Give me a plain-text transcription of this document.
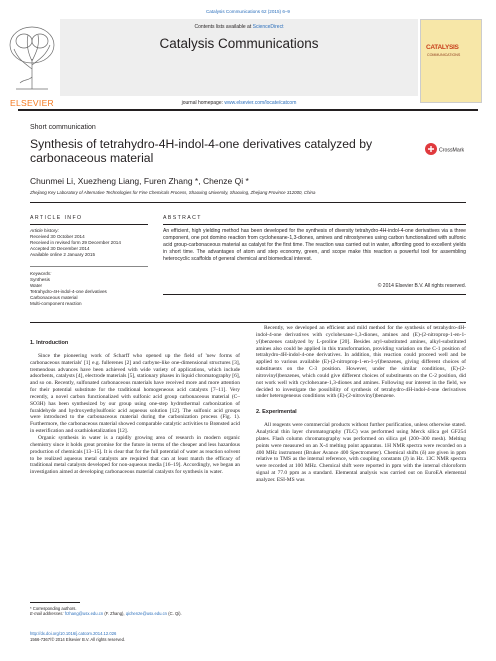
Catalysis Communications 62 (2015) 6–9
ELSEVIER
Contents lists available at ScienceDirect
Catalysis Communications
journal homepage: www.elsevier.com/locate/catcom
CATALYSIS
COMMUNICATIONS
Short communication
Synthesis of tetrahydro-4H-indol-4-one derivatives catalyzed by carbonaceous material
CrossMark
Chunmei Li, Xuezheng Liang, Furen Zhang *, Chenze Qi *
Zhejiang Key Laboratory of Alternative Technologies for Fine Chemicals Process, Shaoxing University, Shaoxing, Zhejiang Province 312000, China
ARTICLE INFO	ABSTRACT
Article history:
Received 30 October 2014
Received in revised form 29 December 2014
Accepted 30 December 2014
Available online 2 January 2015
Keywords:
Synthesis
Water
Tetrahydro-4H-indol-4-one derivatives
Carbonaceous material
Multi-component reaction
An efficient, high yielding method has been developed for the synthesis of diversity tetrahydro-4H-indol-4-one derivatives via a three component, one pot domino reaction from cyclohexane-1,3-diones, amines and nitrostyrenes using carbon functionalized with sulfonic acid group-carbonaceous material as catalyst for the first time. The reaction was carried out in water, affording good to excellent yields in short time. The advantages of atom and step economy, green, and scope make this reaction a powerful tool for assembling heterocyclic scaffolds of general chemical and biomedical interest.
© 2014 Elsevier B.V. All rights reserved.
1. Introduction

Since the pioneering work of Scharff who opened up the field of 'new forms of carbonaceous materials' [1] e.g. fullerenes [2] and carbyne-like one-dimensional structures [3], tremendous advances have been achieved with wide variety of applications, which include adsorbents, catalysts [4], electrode materials [5], stationary phases in liquid chromatography [6], and so on. Recently, sulfonated carbonaceous materials have received more and more attention for their potential substitute for the traditional homogeneous acid catalysts [7–11]. Very recently, a novel carbon functionalized with sulfonic acid group carbonaceous material (C–SO3H) has been synthesized by our group using one-step hydrothermal carbonization of furaldehyde and hydroxyethylsulfonic acid aqueous solution [12]. The sulfonic acid groups were introduced to the carbonaceous material during the carbonization process (Fig. 1). Furthermore, the carbonaceous material showed comparable catalytic activities to Brønsted acid in esterification and oxathioketalization [12].

Organic synthesis in water is a rapidly growing area of research in modern organic chemistry since it holds great promise for the future in terms of the cheaper and less hazardous production of chemicals [13–15]. It is clear that for the full potential of water as reaction solvent to be realized aqueous metal catalysts are required that can at least match the efficacy of traditional metal catalysts developed for non-aqueous media [16–19]. Accordingly, we began an investigation aimed at developing carbonaceous material catalysts for synthesis in water.

Recently, we developed an efficient and mild method for the synthesis of tetrahydro-4H-indol-4-one derivatives with cyclohexane-1,3-diones, amines and (E)-(2-nitroprop-1-en-1-yl)benzenes catalyzed by L-proline [20]. Besides aryl-substituted amines, alkyl-substituted amines also could be applied in this transformation, providing variation on the C-1 position of tetrahydro-4H-indol-4-one derivatives. In addition, this reaction could proceed well and be applied to various available (E)-(2-nitroprop-1-en-1-yl)benzenes, giving different choices of substituents on the C-3 position. However, under the similar conditions, (E)-(2-nitrovinyl)benzenes, which could give different choices of substituents on the C-2 position, did not work well with cyclohexane-1,3-diones and amines. Following our interest in the field, we decided to investigate the possibility of synthesis of tetrahydro-4H-indol-4-one derivatives under heterogeneous conditions with (E)-(2-nitrovinyl)benzene.

2. Experimental

All reagents were commercial products without further purification, unless otherwise stated. Analytical thin layer chromatography (TLC) was performed using Merck silica gel GF254 plates. Flash column chromatography was performed on silica gel (200–300 mesh). Melting points were measured on an X-4 melting point apparatus. 1H NMR spectra were recorded on a 400 MHz instrument (Bruker Avance 400 Spectrometer). Chemical shifts (δ) are given in ppm relative to TMS as the internal reference, with coupling constants (J) in Hz. 13C NMR spectra were recorded at 100 MHz. Chemical shift were reported in ppm with the internal chloroform signal at 77.0 ppm as a standard. Elemental analysis was carried out on EuroEA elemental analyzer. ESI-MS was

* Corresponding authors.
E-mail addresses: frzhang@usx.edu.cn (F. Zhang), qichenze@usx.edu.cn (C. Qi).
http://dx.doi.org/10.1016/j.catcom.2014.12.026
1566-7367/© 2014 Elsevier B.V. All rights reserved.
